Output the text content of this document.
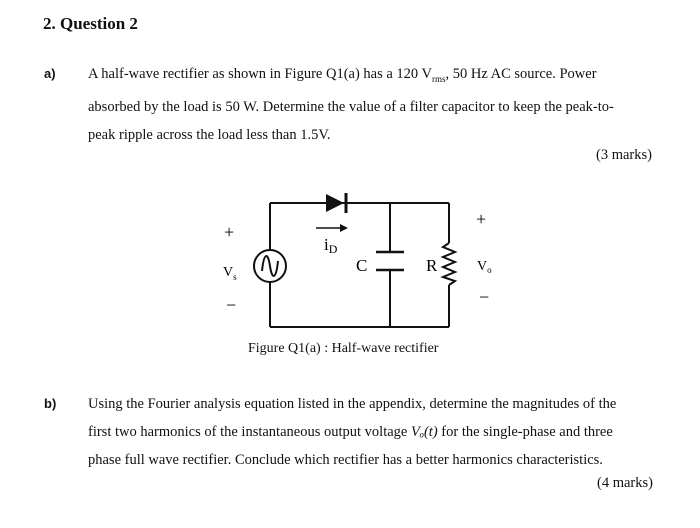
2. Question 2
a) A half-wave rectifier as shown in Figure Q1(a) has a 120 $V_{rms}$, 50 Hz AC source. Power
absorbed by the load is 50 W. Determine the value of a filter capacitor to keep the peak-to-
peak ripple across the load less than 1.5V.
(3 marks)
+
$V_s$
−
iD
C	R
+
$V_o$
−
Figure Q1(a) : Half-wave rectifier
b) Using the Fourier analysis equation listed in the appendix, determine the magnitudes of the
first two harmonics of the instantaneous output voltage Vₒ(t) for the single-phase and three
phase full wave rectifier. Conclude which rectifier has a better harmonics characteristics.
(4 marks)
